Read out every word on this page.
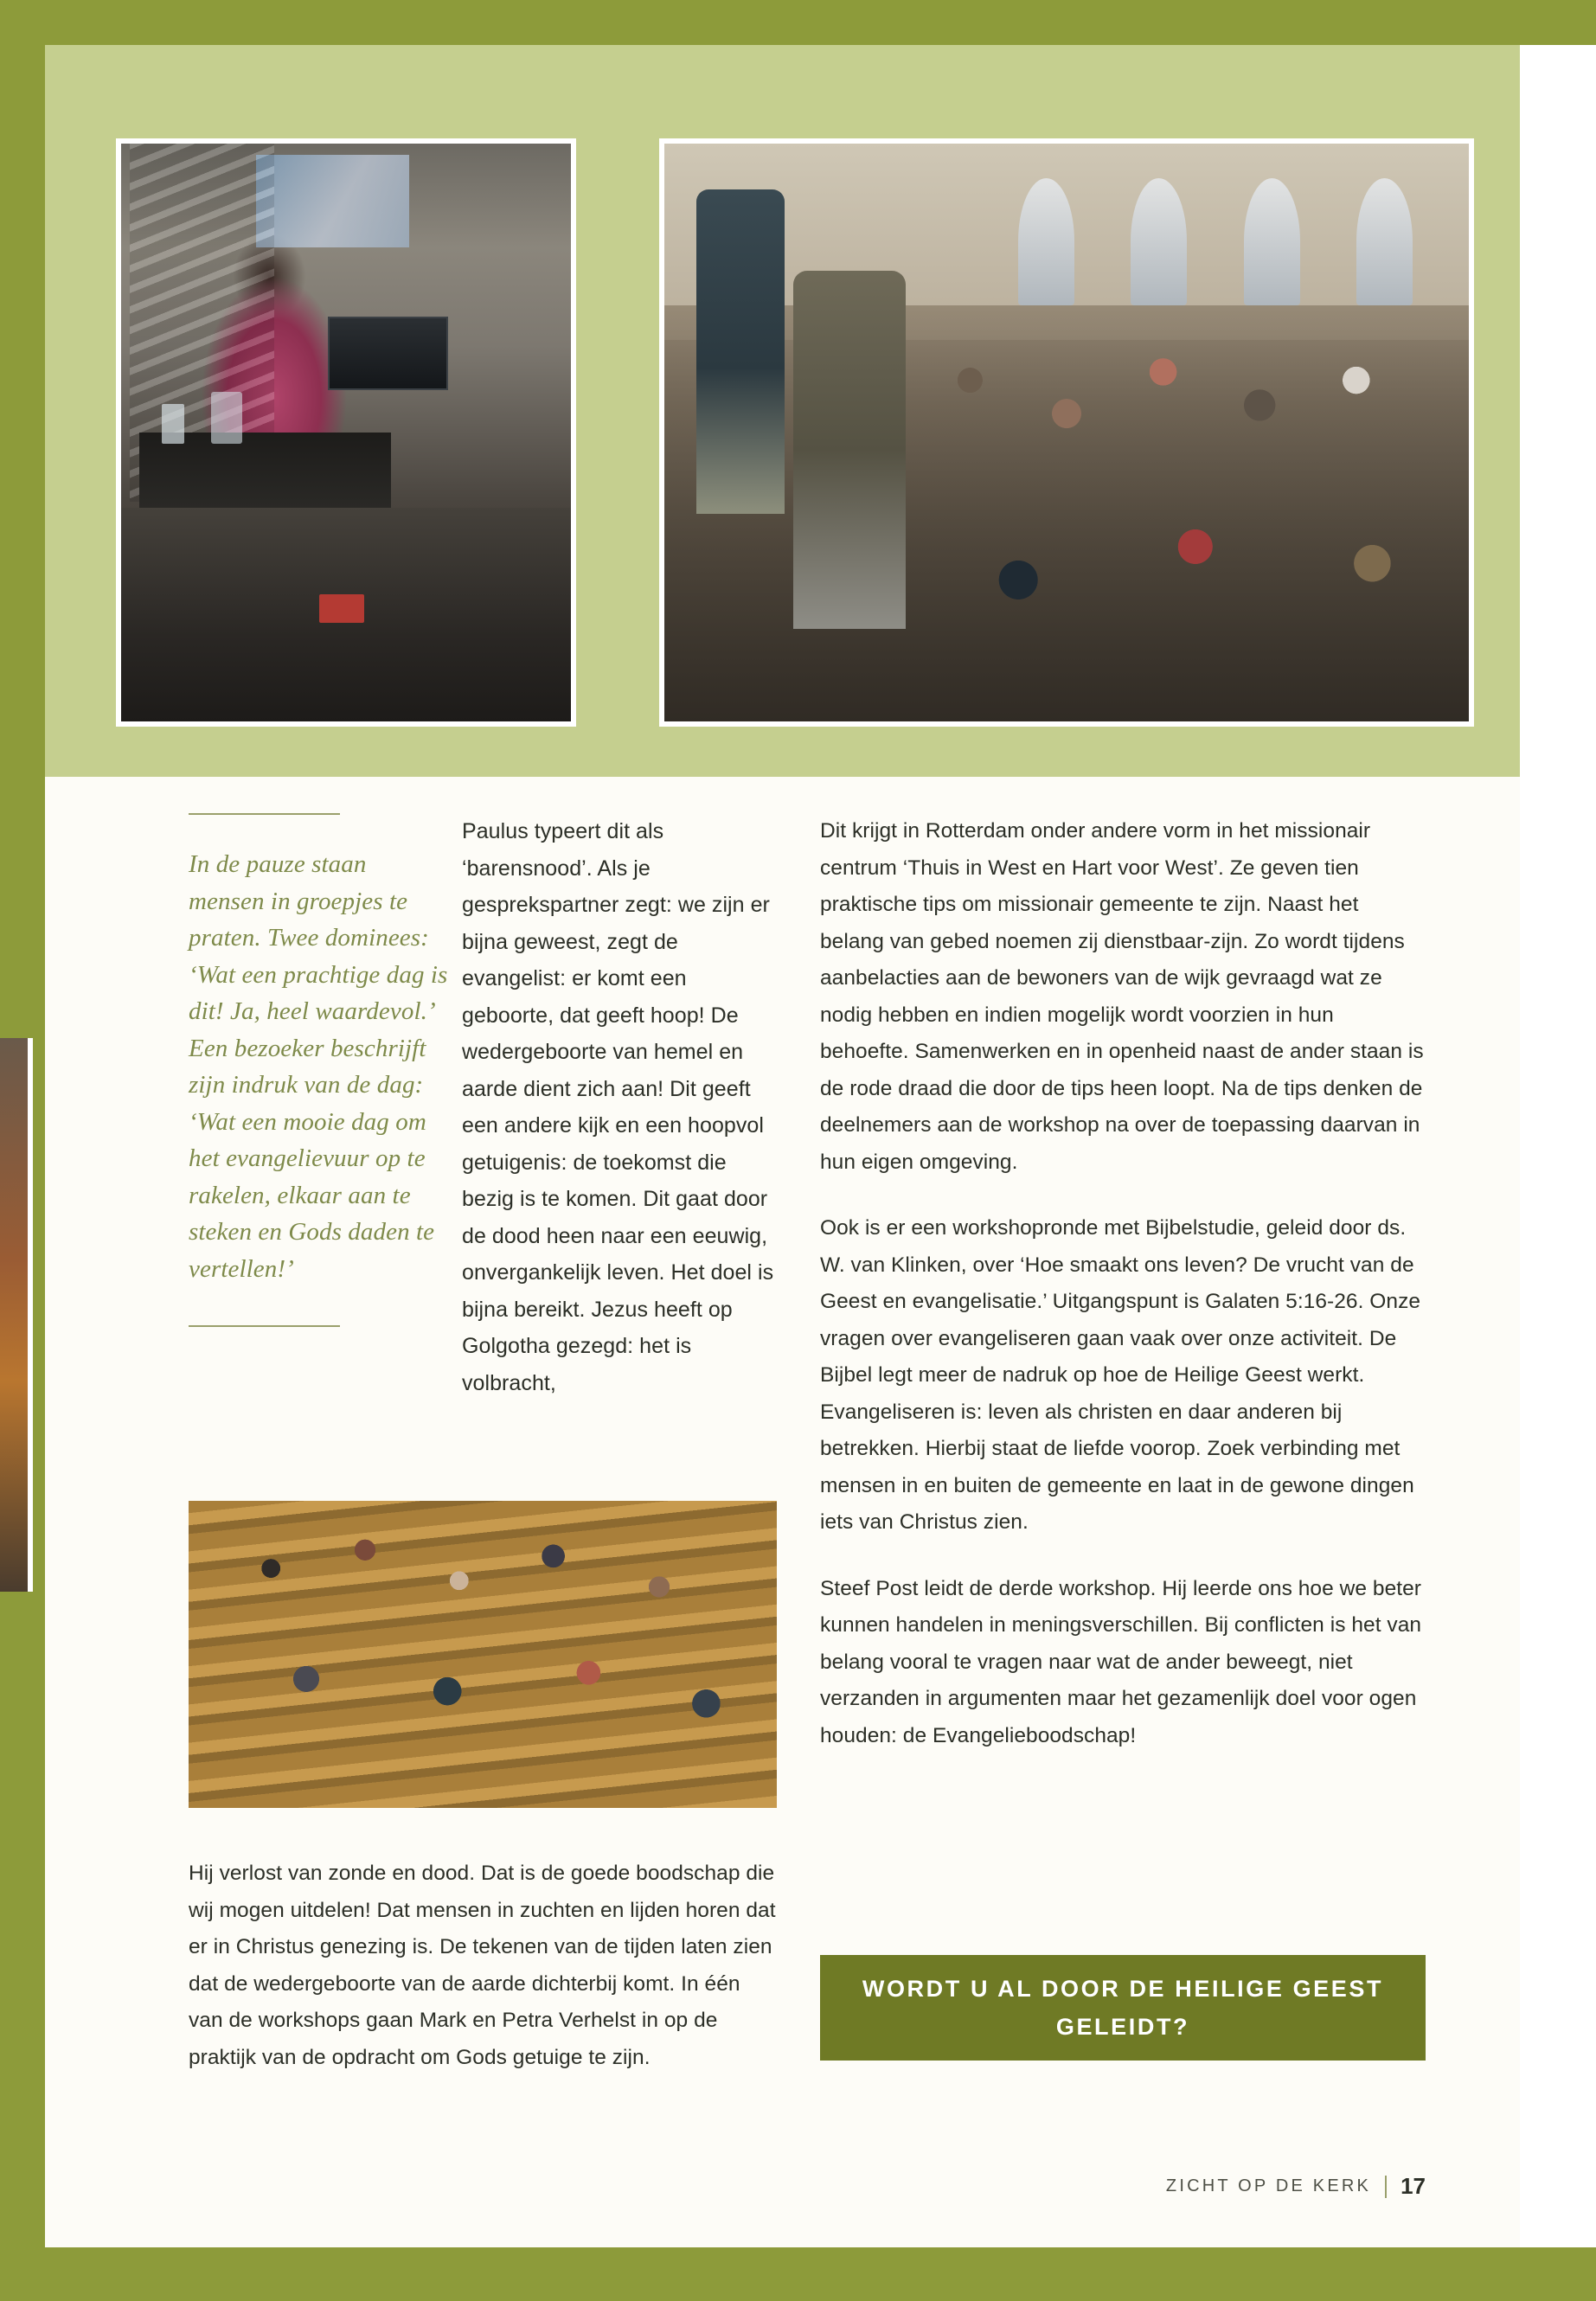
In de pauze staan mensen in groepjes te praten. Twee dominees: ‘Wat een prachtige dag is dit! Ja, heel waardevol.’ Een bezoeker beschrijft zijn indruk van de dag: ‘Wat een mooie dag om het evangelievuur op te rakelen, elkaar aan te steken en Gods daden te vertellen!’

Paulus typeert dit als ‘barensnood’. Als je gesprekspartner zegt: we zijn er bijna geweest, zegt de evangelist: er komt een geboorte, dat geeft hoop! De wedergeboorte van hemel en aarde dient zich aan! Dit geeft een andere kijk en een hoopvol getuigenis: de toekomst die bezig is te komen. Dit gaat door de dood heen naar een eeuwig, onvergankelijk leven. Het doel is bijna bereikt. Jezus heeft op Golgotha gezegd: het is volbracht,

Hij verlost van zonde en dood. Dat is de goede boodschap die wij mogen uitdelen! Dat mensen in zuchten en lijden horen dat er in Christus genezing is. De tekenen van de tijden laten zien dat de wedergeboorte van de aarde dichterbij komt. In één van de workshops gaan Mark en Petra Verhelst in op de praktijk van de opdracht om Gods getuige te zijn.

Dit krijgt in Rotterdam onder andere vorm in het missionair centrum ‘Thuis in West en Hart voor West’. Ze geven tien praktische tips om missionair gemeente te zijn. Naast het belang van gebed noemen zij dienstbaar-zijn. Zo wordt tijdens aanbelacties aan de bewoners van de wijk gevraagd wat ze nodig hebben en indien mogelijk wordt voorzien in hun behoefte. Samenwerken en in openheid naast de ander staan is de rode draad die door de tips heen loopt. Na de tips denken de deelnemers aan de workshop na over de toepassing daarvan in hun eigen omgeving.

Ook is er een workshopronde met Bijbelstudie, geleid door ds. W. van Klinken, over ‘Hoe smaakt ons leven? De vrucht van de Geest en evangelisatie.’ Uitgangspunt is Galaten 5:16-26. Onze vragen over evangeliseren gaan vaak over onze activiteit. De Bijbel legt meer de nadruk op hoe de Heilige Geest werkt. Evangeliseren is: leven als christen en daar anderen bij betrekken. Hierbij staat de liefde voorop. Zoek verbinding met mensen in en buiten de gemeente en laat in de gewone dingen iets van Christus zien.

Steef Post leidt de derde workshop. Hij leerde ons hoe we beter kunnen handelen in meningsverschillen. Bij conflicten is het van belang vooral te vragen naar wat de ander beweegt, niet verzanden in argumenten maar het gezamenlijk doel voor ogen houden: de Evangelieboodschap!

WORDT U AL DOOR DE HEILIGE GEEST GELEIDT?
ZICHT OP DE KERK 17
